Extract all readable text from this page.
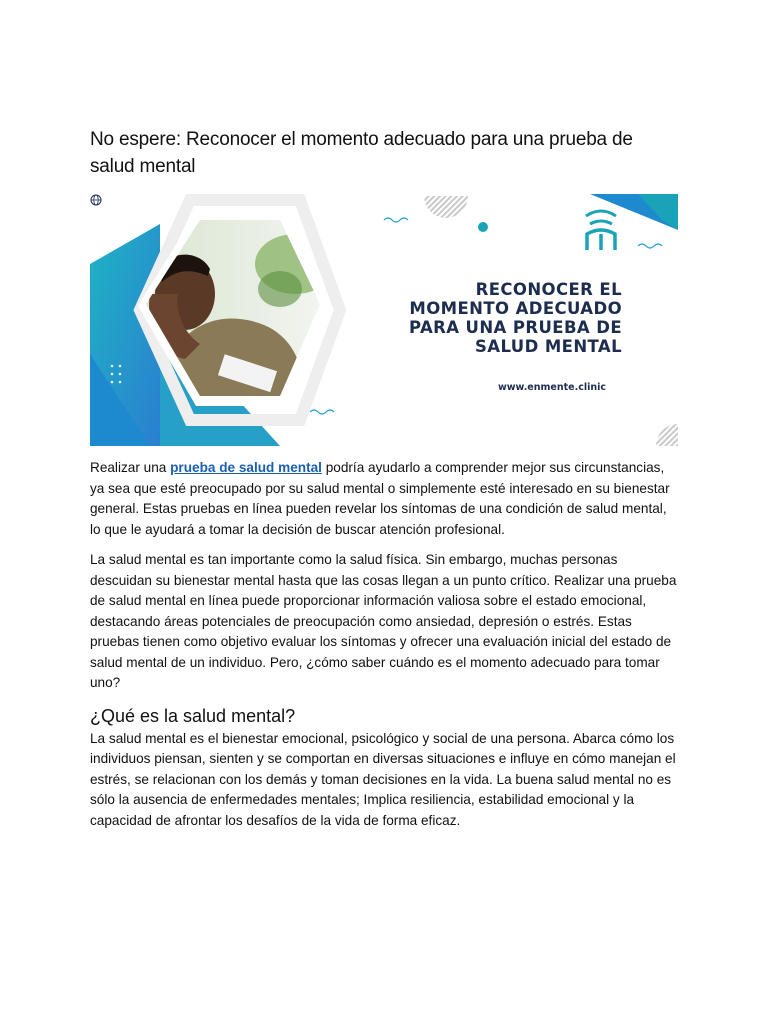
No espere: Reconocer el momento adecuado para una prueba de salud mental
RECONOCER EL
MOMENTO ADECUADO
PARA UNA PRUEBA DE
SALUD MENTAL
www.enmente.clinic

Realizar una prueba de salud mental podría ayudarlo a comprender mejor sus circunstancias, ya sea que esté preocupado por su salud mental o simplemente esté interesado en su bienestar general. Estas pruebas en línea pueden revelar los síntomas de una condición de salud mental, lo que le ayudará a tomar la decisión de buscar atención profesional.

La salud mental es tan importante como la salud física. Sin embargo, muchas personas descuidan su bienestar mental hasta que las cosas llegan a un punto crítico. Realizar una prueba de salud mental en línea puede proporcionar información valiosa sobre el estado emocional, destacando áreas potenciales de preocupación como ansiedad, depresión o estrés. Estas pruebas tienen como objetivo evaluar los síntomas y ofrecer una evaluación inicial del estado de salud mental de un individuo. Pero, ¿cómo saber cuándo es el momento adecuado para tomar uno?

¿Qué es la salud mental?

La salud mental es el bienestar emocional, psicológico y social de una persona. Abarca cómo los individuos piensan, sienten y se comportan en diversas situaciones e influye en cómo manejan el estrés, se relacionan con los demás y toman decisiones en la vida. La buena salud mental no es sólo la ausencia de enfermedades mentales; Implica resiliencia, estabilidad emocional y la capacidad de afrontar los desafíos de la vida de forma eficaz.
